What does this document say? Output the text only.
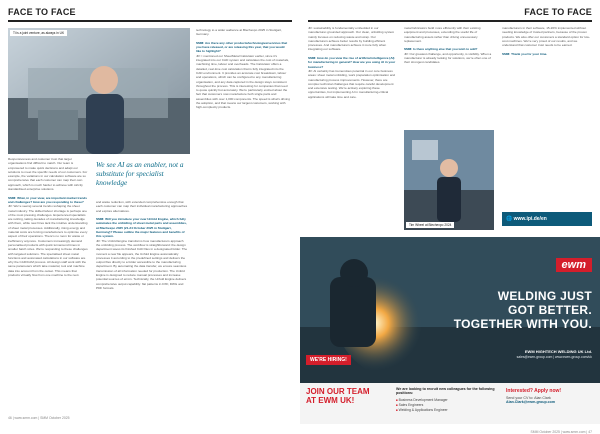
FACE TO FACE
Ti is a joint venture, as always in UK
We see AI as an enabler, not a substitute for specialist knowledge
Responsiveness and customer trust that larger organisations find difficult to match. Our team is empowered to make quick decisions and adapt our solutions to meet the specific needs of our customers. For example, the variations in our calculation software are so comprehensive that each customer can map their own approach, which is much harder to achieve with strictly standardised enterprise solutions.

SMM: What, in your view, are important market trends and challenges? How are you responding to these?
JR: We're seeing several trends reshaping the sheet metal industry. The skilled labour shortage is perhaps one of the most pressing challenges. Experienced specialists are retiring, taking decades of manufacturing knowledge with them, while new hires lack the intuitive understanding of sheet metal processes. Additionally, rising energy and material costs are forcing manufacturers to optimise every aspect of their operations. There's no room for waste or inefficiency anymore. Customers increasingly demand personalised products with quick turnaround times in smaller batch sizes. We're responding to these challenges with targeted solutions. The specialised sheet metal functions and automated calculations in our software are why the CAD/CAM process. All design staff work with the same parameters which take material, tool and machine data into account from the outset. This means that products virtually flow from one machine to the next.
and waste reduction, with extended comprehensive enough that each customer can map their individual manufacturing approaches and explore alternatives.

SMM: Will you introduce your new Unfold Engine, which fully automates the unfolding of sheet metal parts and assemblies, at Blechexpo 2025 (21-24 October 2025 in Stuttgart, Germany)? Please outline the major features and benefits of this system.
JR: The Unfold Engine transforms how manufacturers approach the unfolding process. The workflow is straightforward: the design department saves its finished CAD files in a designated folder. The moment a new file appears, the Unfold Engine automatically processes it according to the predefined settings and delivers the output files directly to a folder accessible to the manufacturing department. By automating the data transfer, we ensure seamless transmission of all information needed for production. The Unfold Engine is designed to reduce manual processes and increase potential sources of errors. Technically, the Unfold Engine delivers comprehensive output capability: flat patterns in DXF, DWG and PDF formats.
technology to a wider audience at Blechexpo 2025 in Stuttgart, Germany.

SMM: Are there any other products/technologies/services that you have released, or are releasing this year, that you would like to highlight?
JR: I mentioned our SheetMetal Calculator earlier, since it's integrated into our CAD system and calculates the cost of materials, machining time, labour and overheads. The Calculator offers a detailed, real-time cost calculation that is fully integrated into the CAD environment. It provides an accurate cost breakdown, labour and operations, which can be configured to any manufacturing organisation, and any data captured in the design stays consistent throughout the process. This is interesting for companies that need to quote quickly but accurately. We're particularly excited about the fact that customers now manufacture both single parts and assemblies with over 1,000 components. The speed is what's driving the adoption, and that means our largest customers, working with high-complexity products.
46 | www.smm.com | SMM October 2025
FACE TO FACE
JR: sustainability is fundamentally embedded in our manufacturer-grounded approach. Our clean, unfolding system mainly focuses on reducing waste and scrap. Our manufacturers achieve better results by building efficient processes. And manufacturers achieve it more fully when integrating our software.

SMM: How do you view the rise of artificial intelligence (AI) for manufacturing in general? How are you using AI in your business?
JR: AI certainly has tremendous potential in our core business areas: sheet metal unfolding, work preparation optimisation and manufacturing process improvements. However, there are complex technical challenges that require careful development and extensive testing. We're actively exploring these opportunities, but implementing AI in manufacturing-critical applications will take time and care.
metal fabricators build more efficiently with their existing equipment and processes, extending the useful life of manufacturing assets rather than driving unnecessary replacement.

SMM: Is there anything else that you wish to add?
JR: Our greatest challenge, and opportunity, is visibility. When a manufacturer is already looking for solutions, we're often one of their strongest candidates.
Tim Wheel at Blechexpo 2024
manufacturers in their software, 15-20% implemented without needing knowledge of trusted partners, because of the proven products. We also offer our customers a standard option for low-cost machines. We're very proud of our results, and we understand that customer trust needs to be earned.

SMM: Thank you for your time.
🌐 www.ipi.de/en
ewm
WELDING JUST
GOT BETTER.
TOGETHER WITH YOU.
EWM HIGHTECH WELDING UK Ltd.
sales@ewm-group.com | www.ewm-group.com/uk
WE'RE HIRING!
JOIN OUR TEAM
AT EWM UK!
We are looking to recruit new colleagues for the following positions:
■ Business Development Manager
■ Sales Engineers
■ Welding & Applications Engineer
Interested? Apply now!
Send your CV to: Alan Clark
Alan.Clark@ewm-group.com
SMM October 2025 | www.smm.com | 47
